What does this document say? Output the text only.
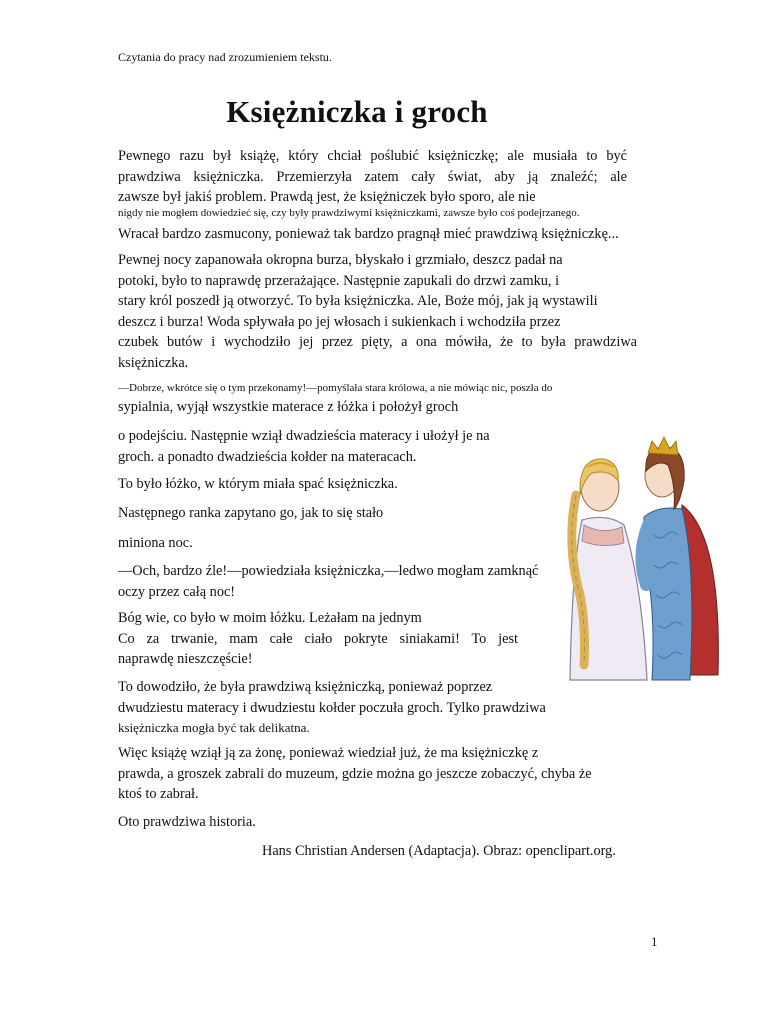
Czytania do pracy nad zrozumieniem tekstu.
Księżniczka i groch
Pewnego razu był książę, który chciał poślubić księżniczkę; ale musiała to być
prawdziwa księżniczka. Przemierzyła zatem cały świat, aby ją znaleźć; ale
zawsze był jakiś problem. Prawdą jest, że księżniczek było sporo, ale nie
nigdy nie mogłem dowiedzieć się, czy były prawdziwymi księżniczkami, zawsze było coś podejrzanego.
Wracał bardzo zasmucony, ponieważ tak bardzo pragnął mieć prawdziwą księżniczkę...
Pewnej nocy zapanowała okropna burza, błyskało i grzmiało, deszcz padał na
potoki, było to naprawdę przerażające. Następnie zapukali do drzwi zamku, i
stary król poszedł ją otworzyć. To była księżniczka. Ale, Boże mój, jak ją wystawili
deszcz i burza! Woda spływała po jej włosach i sukienkach i wchodziła przez
czubek butów i wychodziło jej przez pięty, a ona mówiła, że to była prawdziwa
księżniczka.
—Dobrze, wkrótce się o tym przekonamy!—pomyślała stara królowa, a nie mówiąc nic, poszła do
sypialnia, wyjął wszystkie materace z łóżka i położył groch
o podejściu. Następnie wziął dwadzieścia materacy i ułożył je na
groch. a ponadto dwadzieścia kołder na materacach.
To było łóżko, w którym miała spać księżniczka.
Następnego ranka zapytano go, jak to się stało
miniona noc.
—Och, bardzo źle!—powiedziała księżniczka,—ledwo mogłam zamknąć
oczy przez całą noc!
Bóg wie, co było w moim łóżku. Leżałam na jednym
Co za trwanie, mam całe ciało pokryte siniakami! To jest
naprawdę nieszczęście!
To dowodziło, że była prawdziwą księżniczką, ponieważ poprzez
dwudziestu materacy i dwudziestu kołder poczuła groch. Tylko prawdziwa
księżniczka mogła być tak delikatna.
Więc książę wziął ją za żonę, ponieważ wiedział już, że ma księżniczkę z
prawda, a groszek zabrali do muzeum, gdzie można go jeszcze zobaczyć, chyba że
ktoś to zabrał.
Oto prawdziwa historia.
Hans Christian Andersen (Adaptacja). Obraz: openclipart.org.
1
